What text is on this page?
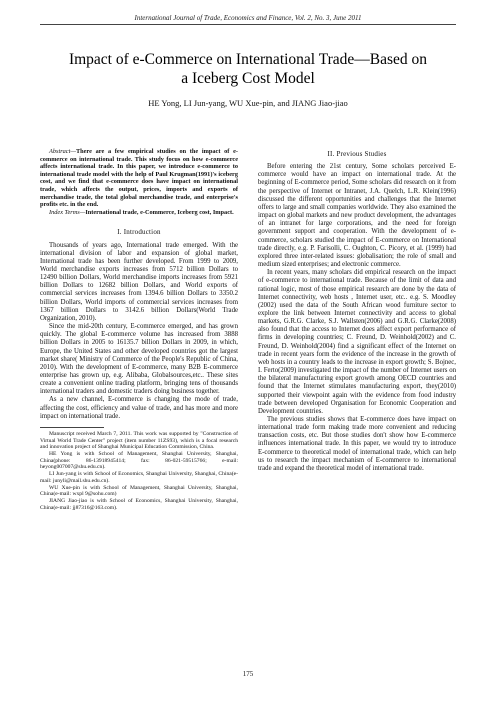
International Journal of Trade, Economics and Finance, Vol. 2, No. 3, June 2011
Impact of e-Commerce on International Trade—Based on
a Iceberg Cost Model
HE Yong, LI Jun-yang, WU Xue-pin, and JIANG Jiao-jiao

Abstract—There are a few empirical studies on the impact of e-commerce on international trade. This study focus on how e-commerce affects international trade. In this paper, we introduce e-commerce to international trade model with the help of Paul Krugman(1991)'s iceberg cost, and we find that e-commerce does have impact on international trade, which affects the output, prices, imports and exports of merchandise trade, the total global merchandise trade, and enterprise's profits etc. in the end.

Index Terms—International trade, e-Commerce, Iceberg cost, Impact.

I. Introduction

Thousands of years ago, International trade emerged. With the international division of labor and expansion of global market, International trade has been further developed. From 1999 to 2009, World merchandise exports increases from 5712 billion Dollars to 12490 billion Dollars, World merchandise imports increases from 5921 billion Dollars to 12682 billion Dollars, and World exports of commercial services increases from 1394.6 billion Dollars to 3350.2 billion Dollars, World imports of commercial services increases from 1367 billion Dollars to 3142.6 billion Dollars(World Trade Organization, 2010).

Since the mid-20th century, E-commerce emerged, and has grown quickly. The global E-commerce volume has increased from 3888 billion Dollars in 2005 to 16135.7 billion Dollars in 2009, in which, Europe, the United States and other developed countries got the largest market share( Ministry of Commerce of the People's Republic of China, 2010). With the development of E-commerce, many B2B E-commerce enterprise has grown up, e.g. Alibaba, Globalsources,etc.. These sites create a convenient online trading platform, bringing tens of thousands international traders and domestic traders doing business together.

As a new channel, E-commerce is changing the mode of trade, affecting the cost, efficiency and value of trade, and has more and more impact on international trade.

Manuscript received March 7, 2011. This work was supported by "Construction of Virtual World Trade Center" project (item number 11ZS93), which is a focal research and innovation project of Shanghai Municipal Education Commission, China.

HE Yong is with School of Management, Shanghai University, Shanghai, China(phone: 86-13918945414; fax: 86-021-59515766; e-mail: heyong007007@shu.edu.cn).

LI Jun-yang is with School of Economics, Shanghai University, Shanghai, China(e-mail: junyli@mail.shu.edu.cn).

WU Xue-pin is with School of Management, Shanghai University, Shanghai, China(e-mail: wxpl 9@sohu.com)

JIANG Jiao-jiao is with School of Economics, Shanghai University, Shanghai, China(e-mail: jj87316@163.com).

II. Previous Studies

Before entering the 21st century, Some scholars perceived E-commerce would have an impact on international trade. At the beginning of E-commerce period, Some scholars did research on it from the perspective of Internet or Intranet, J.A. Quelch, L.R. Klein(1996) discussed the different opportunities and challenges that the Internet offers to large and small companies worldwide. They also examined the impact on global markets and new product development, the advantages of an intranet for large corporations, and the need for foreign government support and cooperation. With the development of e-commerce, scholars studied the impact of E-commerce on International trade directly, e.g. P. Farisolli, C. Oughton, C. Picory, et al. (1999) had explored three inter-related issues: globalisation; the role of small and medium sized enterprises; and electronic commerce.

In recent years, many scholars did empirical research on the impact of e-commerce to international trade. Because of the limit of data and rational logic, most of those empirical research are done by the data of Internet connectivity, web hosts , Internet user, etc.. e.g. S. Moodley (2002) used the data of the South African wood furniture sector to explore the link between Internet connectivity and access to global markets, G.R.G. Clarke, S.J. Wallsten(2006) and G.R.G. Clarke(2008) also found that the access to Internet does affect export performance of firms in developing countries; C. Freund, D. Weinhold(2002) and C. Freund, D. Weinhold(2004) find a significant effect of the Internet on trade in recent years form the evidence of the increase in the growth of web hosts in a country leads to the increase in export growth; S. Bojnec, I. Ferto(2009) investigated the impact of the number of Internet users on the bilateral manufacturing export growth among OECD countries and found that the Internet stimulates manufacturing export, they(2010) supported their viewpoint again with the evidence from food industry trade between developed Organisation for Economic Cooperation and Development countries.

The previous studies shows that E-commerce does have impact on international trade form making trade more convenient and reducing transaction costs, etc. But those studies don't show how E-commerce influences international trade. In this paper, we would try to introduce E-commerce to theoretical model of international trade, which can help us to research the impact mechanism of E-commerce to international trade and expand the theoretical model of international trade.

175
